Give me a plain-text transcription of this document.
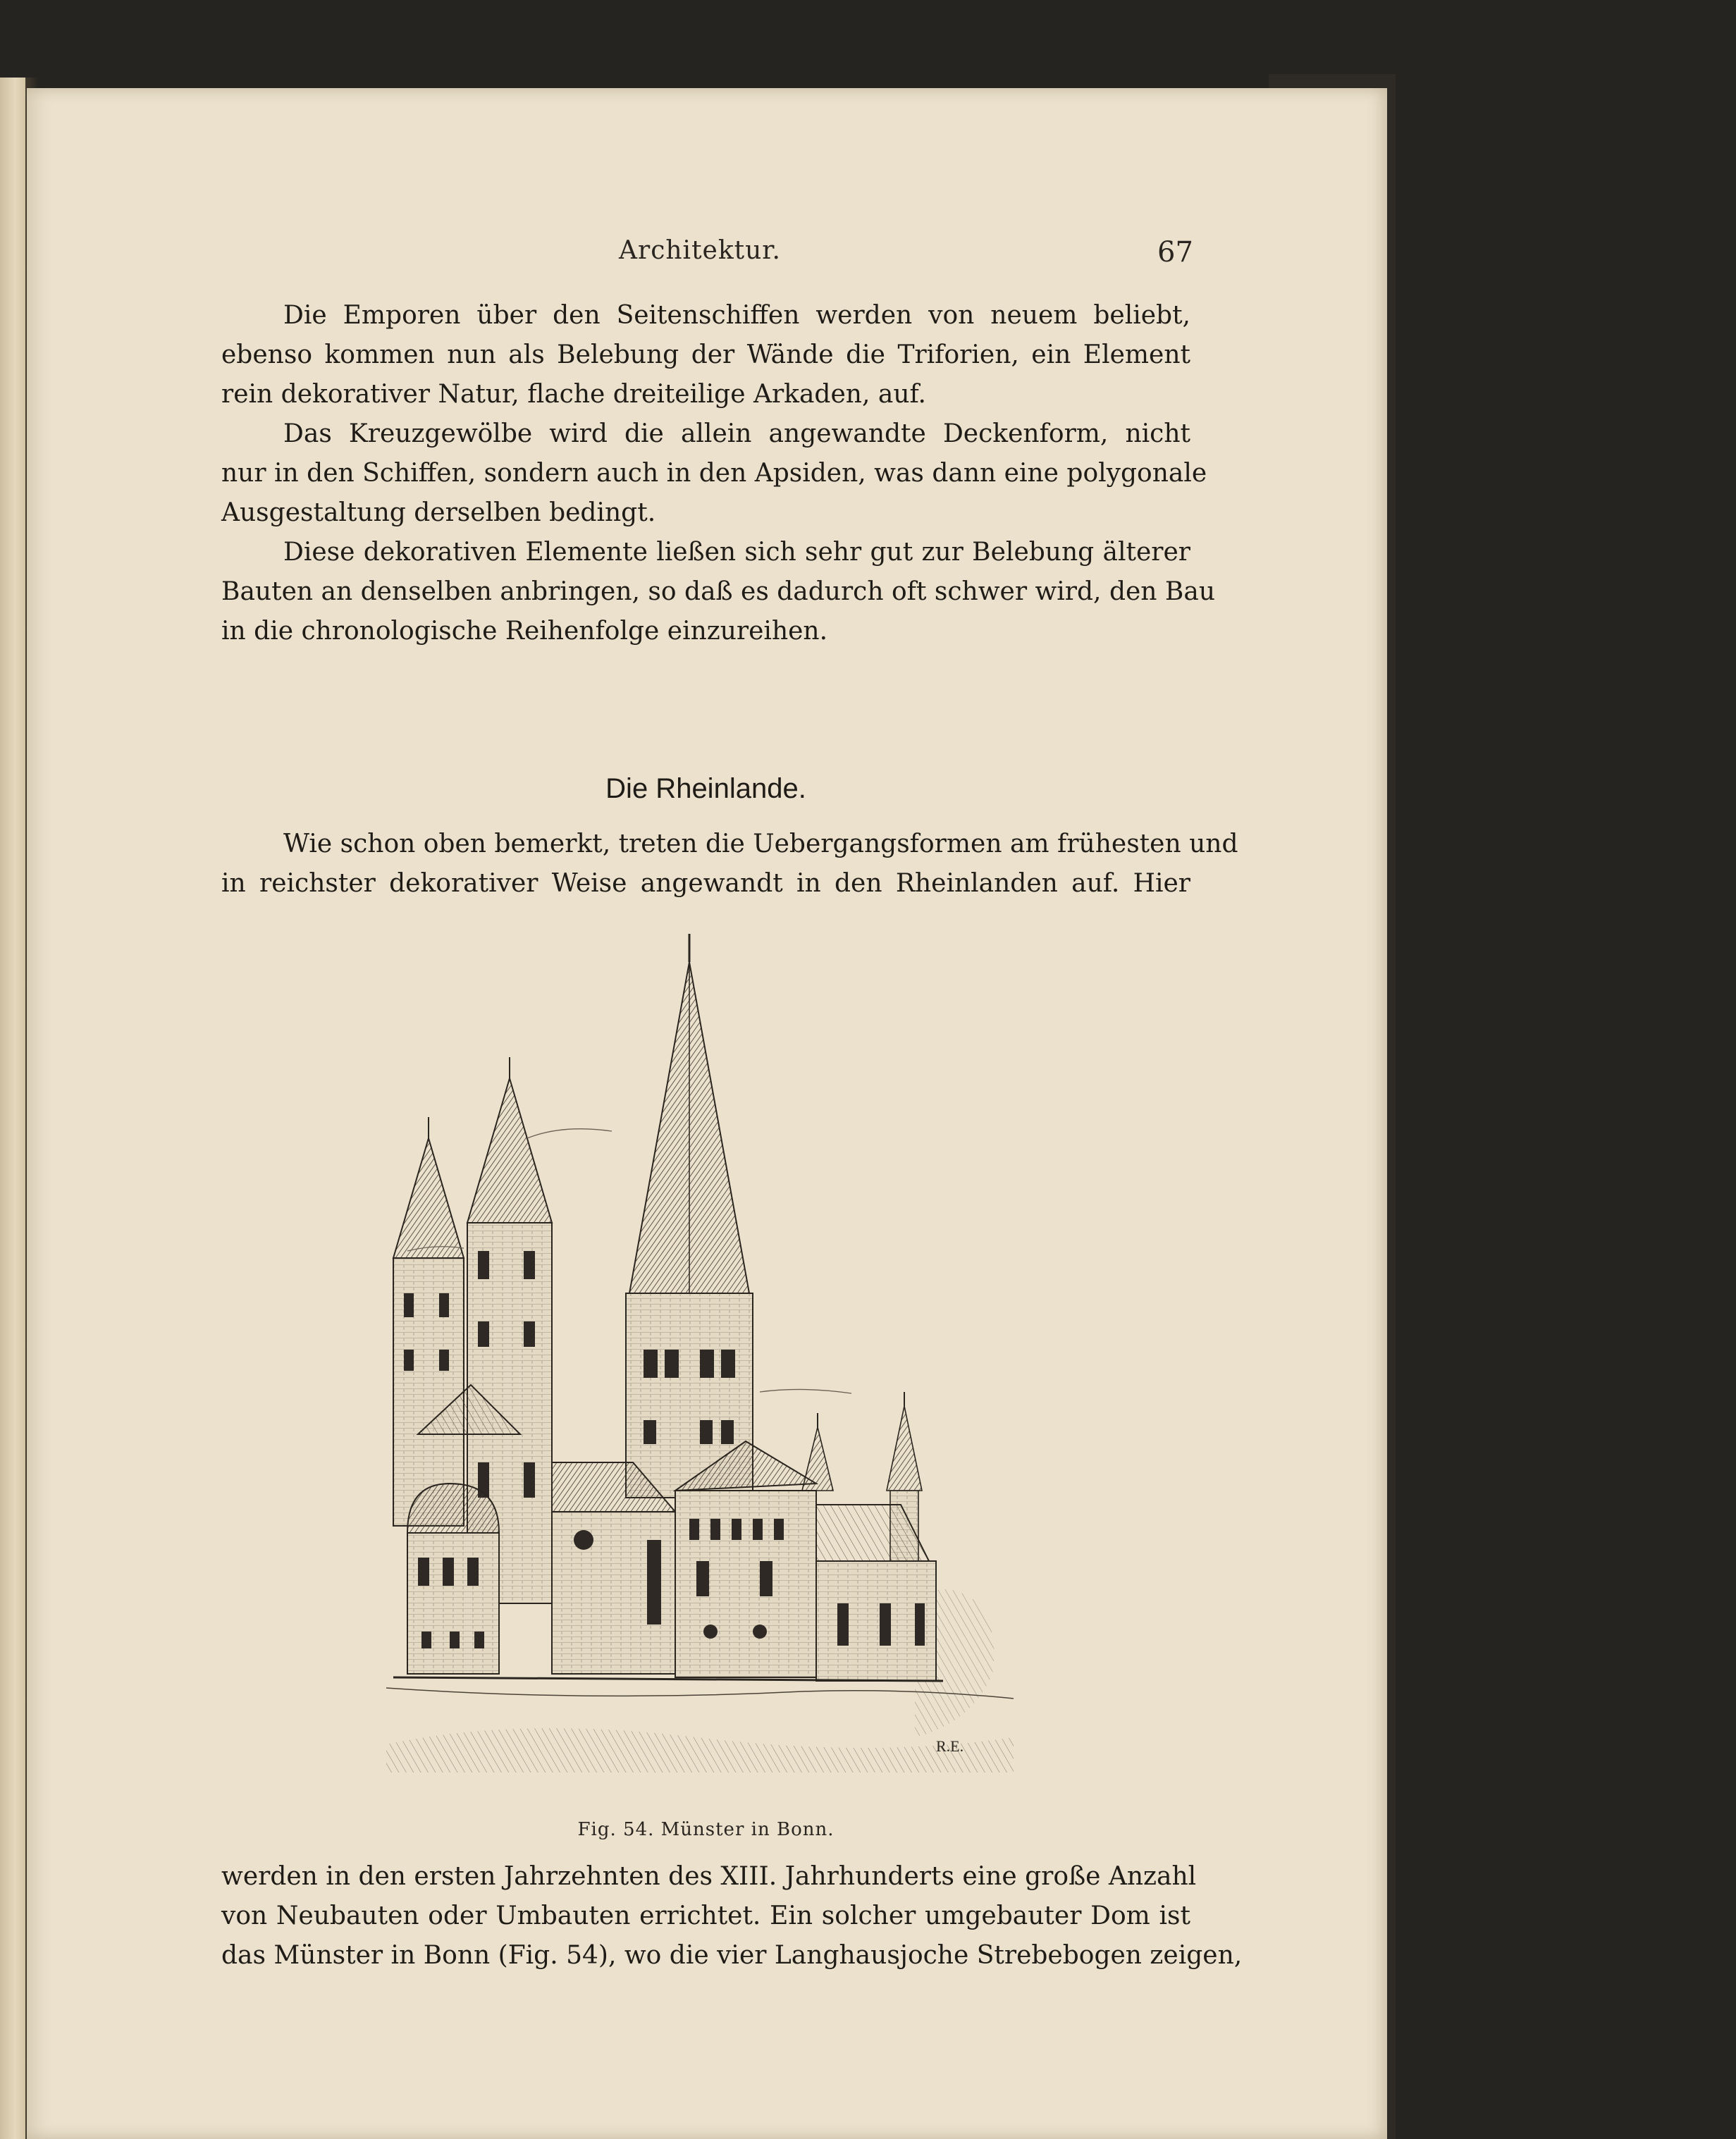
Architektur.	67
Die Emporen über den Seitenschiffen werden von neuem beliebt,
ebenso kommen nun als Belebung der Wände die Triforien, ein Element
rein dekorativer Natur, flache dreiteilige Arkaden, auf.
Das Kreuzgewölbe wird die allein angewandte Deckenform, nicht
nur in den Schiffen, sondern auch in den Apsiden, was dann eine polygonale
Ausgestaltung derselben bedingt.
Diese dekorativen Elemente ließen sich sehr gut zur Belebung älterer
Bauten an denselben anbringen, so daß es dadurch oft schwer wird, den Bau
in die chronologische Reihenfolge einzureihen.
Die Rheinlande.
Wie schon oben bemerkt, treten die Uebergangsformen am frühesten und
in reichster dekorativer Weise angewandt in den Rheinlanden auf. Hier
R.E.
Fig. 54. Münster in Bonn.
werden in den ersten Jahrzehnten des XIII. Jahrhunderts eine große Anzahl
von Neubauten oder Umbauten errichtet. Ein solcher umgebauter Dom ist
das Münster in Bonn (Fig. 54), wo die vier Langhausjoche Strebebogen zeigen,
